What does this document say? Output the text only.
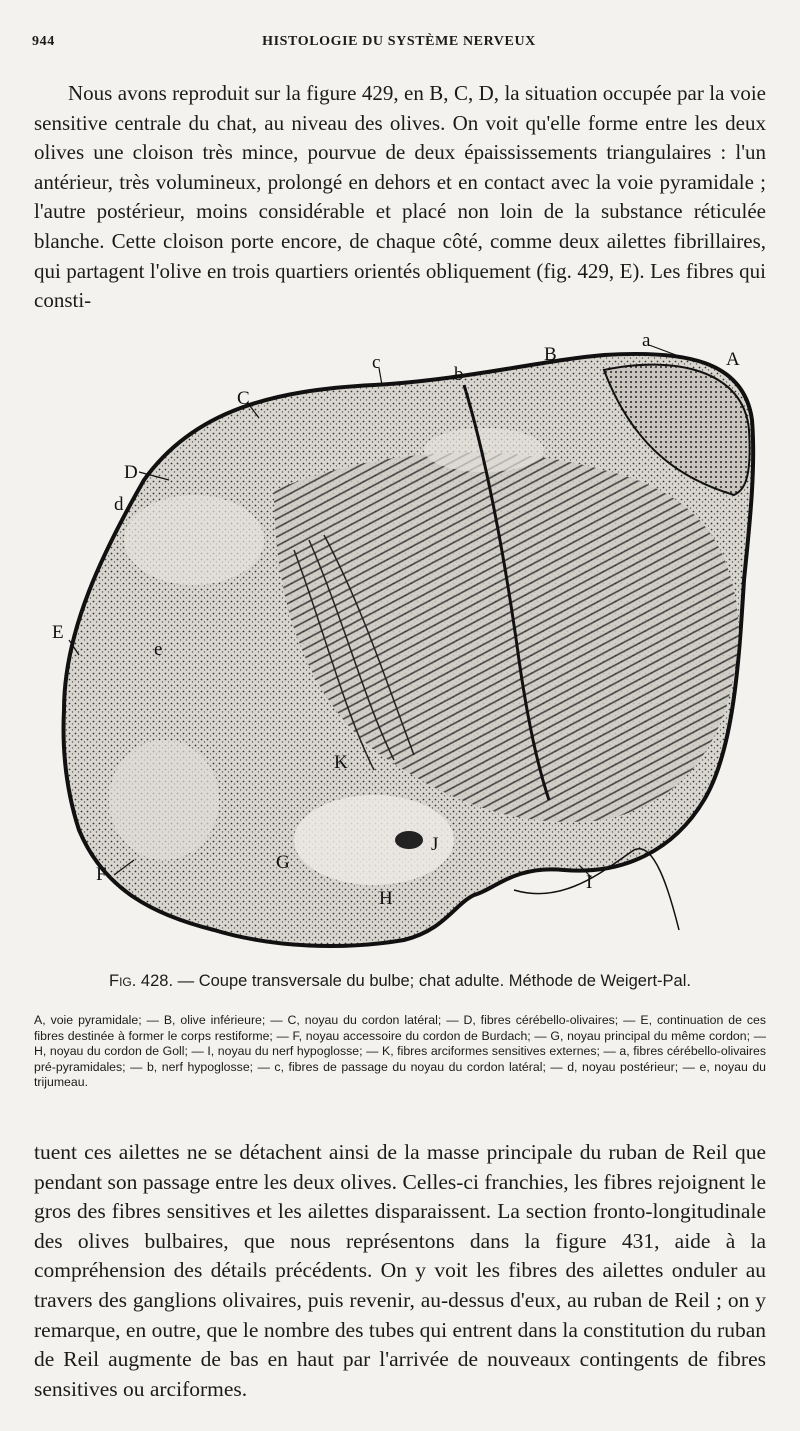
944	HISTOLOGIE DU SYSTÈME NERVEUX
Nous avons reproduit sur la figure 429, en B, C, D, la situation occupée par la voie sensitive centrale du chat, au niveau des olives. On voit qu'elle forme entre les deux olives une cloison très mince, pourvue de deux épaississements triangulaires : l'un antérieur, très volumineux, prolongé en dehors et en contact avec la voie pyramidale ; l'autre postérieur, moins considérable et placé non loin de la substance réticulée blanche. Cette cloison porte encore, de chaque côté, comme deux ailettes fibrillaires, qui partagent l'olive en trois quartiers orientés obliquement (fig. 429, E). Les fibres qui consti-
A
B
C
D
E
F
G
H
I
J
K
a
b
c
d
e
Fig. 428. — Coupe transversale du bulbe; chat adulte. Méthode de Weigert-Pal.
A, voie pyramidale; — B, olive inférieure; — C, noyau du cordon latéral; — D, fibres cérébello-olivaires; — E, continuation de ces fibres destinée à former le corps restiforme; — F, noyau accessoire du cordon de Burdach; — G, noyau principal du même cordon; — H, noyau du cordon de Goll; — I, noyau du nerf hypoglosse; — K, fibres arciformes sensitives externes; — a, fibres cérébello-olivaires pré-pyramidales; — b, nerf hypoglosse; — c, fibres de passage du noyau du cordon latéral; — d, noyau postérieur; — e, noyau du trijumeau.
tuent ces ailettes ne se détachent ainsi de la masse principale du ruban de Reil que pendant son passage entre les deux olives. Celles-ci franchies, les fibres rejoignent le gros des fibres sensitives et les ailettes disparaissent. La section fronto-longitudinale des olives bulbaires, que nous représentons dans la figure 431, aide à la compréhension des détails précédents. On y voit les fibres des ailettes onduler au travers des ganglions olivaires, puis revenir, au-dessus d'eux, au ruban de Reil ; on y remarque, en outre, que le nombre des tubes qui entrent dans la constitution du ruban de Reil augmente de bas en haut par l'arrivée de nouveaux contingents de fibres sensitives ou arciformes.
